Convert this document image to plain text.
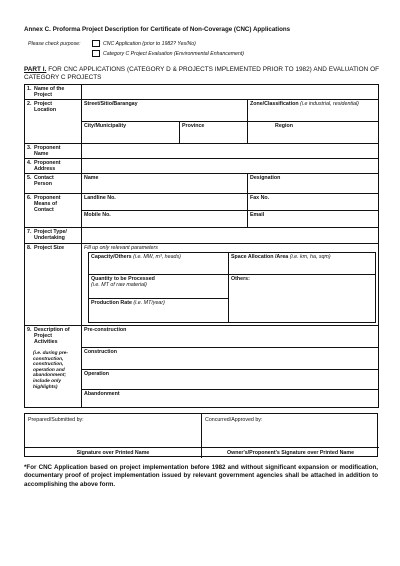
Annex C. Proforma Project Description for Certificate of Non-Coverage (CNC) Applications
Please check purpose:	CNC Application (prior to 1982? Yes/No)
Category C Project Evaluation (Environmental Enhancement)
PART I. FOR CNC APPLICATIONS (CATEGORY D & PROJECTS IMPLEMENTED PRIOR TO 1982) AND EVALUATION OF CATEGORY C PROJECTS
1. Name of the
Project

2. Project
Location
	Street/Sitio/Barangay	Zone/Classification (i.e industrial, residential)
City/Municipality	Province	Region
3. Proponent
Name

4. Proponent
Address

5. Contact
Person
	Name	Designation
6. Proponent
Means of
Contact
	Landline No.	Fax No.
Mobile No.	Email
7. Project Type/
Undertaking

8. Project Size	Fill up only relevant parameters
Capacity/Others (i.e. MW, m³, heads)	Space Allocation /Area (i.e. km, ha, sqm)
Quantity to be Processed
(i.e. MT of raw material)
	Others:
Production Rate (i.e. MT/year)

9. Description of
Project
Activities
(i.e. during pre-construction, construction, operation and abandonment; include only highlights)
	Pre-construction
Construction
Operation
Abandonment
Prepared/Submitted by:
Signature over Printed Name
Concurred/Approved by:
Owner's/Proponent's Signature over Printed Name
*For CNC Application based on project implementation before 1982 and without significant expansion or modification, documentary proof of project implementation issued by relevant government agencies shall be attached in addition to accomplishing the above form.
